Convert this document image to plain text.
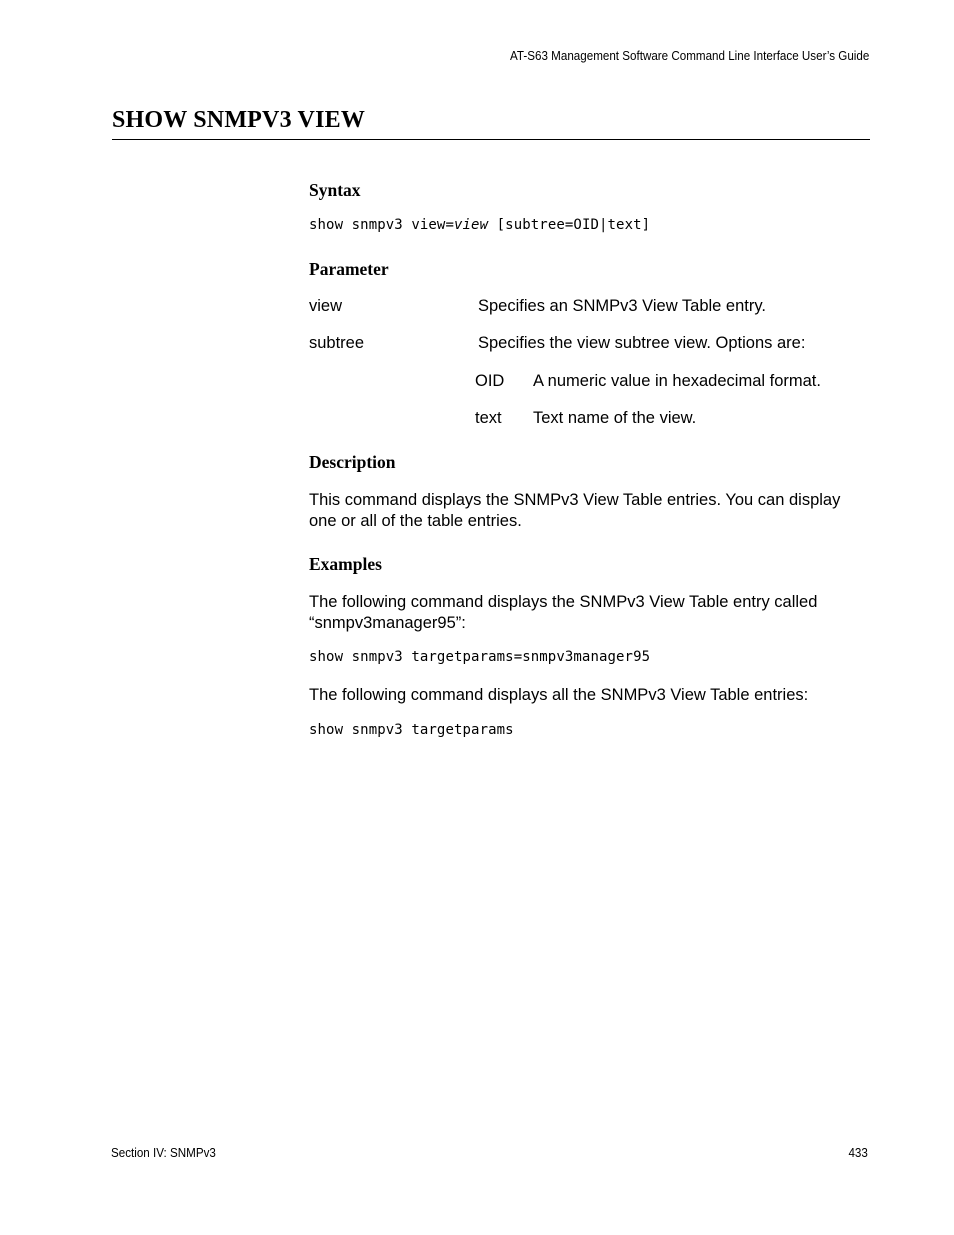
AT-S63 Management Software Command Line Interface User’s Guide
SHOW SNMPV3 VIEW
Syntax
show snmpv3 view=view [subtree=OID|text]
Parameter
view	Specifies an SNMPv3 View Table entry.
subtree	Specifies the view subtree view. Options are:
OID A numeric value in hexadecimal format.
text Text name of the view.
Description
This command displays the SNMPv3 View Table entries. You can display one or all of the table entries.
Examples
The following command displays the SNMPv3 View Table entry called “snmpv3manager95”:
show snmpv3 targetparams=snmpv3manager95
The following command displays all the SNMPv3 View Table entries:
show snmpv3 targetparams
Section IV: SNMPv3	433
